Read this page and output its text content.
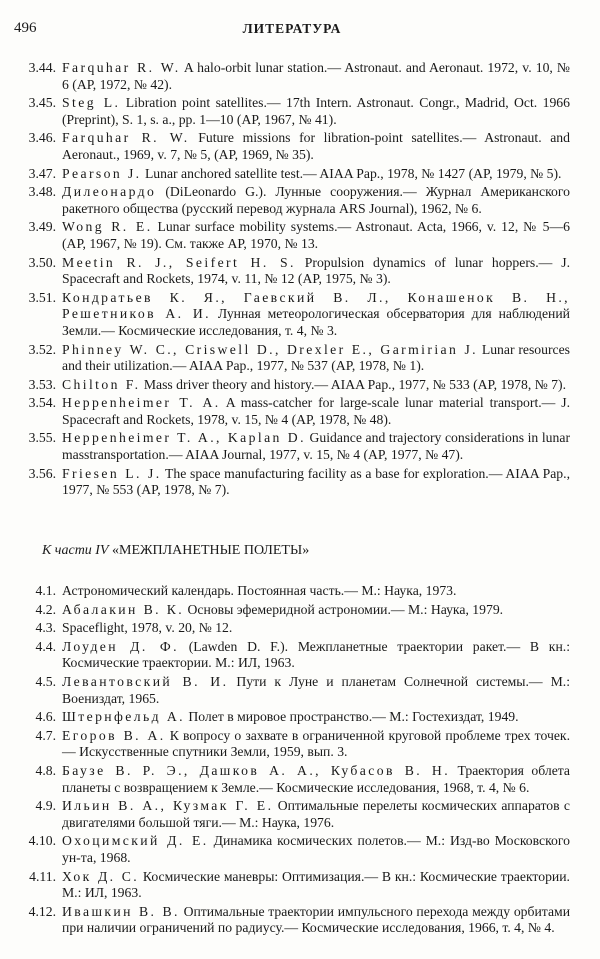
496	ЛИТЕРАТУРА
3.44. Farquhar R. W. A halo-orbit lunar station.— Astronaut. and Aeronaut. 1972, v. 10, № 6 (AP, 1972, № 42).
3.45. Steg L. Libration point satellites.— 17th Intern. Astronaut. Congr., Madrid, Oct. 1966 (Preprint), S. 1, s. a., pp. 1—10 (AP, 1967, № 41).
3.46. Farquhar R. W. Future missions for libration-point satellites.— Astronaut. and Aeronaut., 1969, v. 7, № 5, (AP, 1969, № 35).
3.47. Pearson J. Lunar anchored satellite test.— AIAA Pap., 1978, № 1427 (AP, 1979, № 5).
3.48. Дилеонардо (DiLeonardo G.). Лунные сооружения.— Журнал Американского ракетного общества (русский перевод журнала ARS Journal), 1962, № 6.
3.49. Wong R. E. Lunar surface mobility systems.— Astronaut. Acta, 1966, v. 12, № 5—6 (AP, 1967, № 19). См. также AP, 1970, № 13.
3.50. Meetin R. J., Seifert H. S. Propulsion dynamics of lunar hoppers.— J. Spacecraft and Rockets, 1974, v. 11, № 12 (AP, 1975, № 3).
3.51. Кондратьев К. Я., Гаевский В. Л., Конашенок В. Н., Решетников А. И. Лунная метеорологическая обсерватория для наблюдений Земли.— Космические исследования, т. 4, № 3.
3.52. Phinney W. C., Criswell D., Drexler E., Garmirian J. Lunar resources and their utilization.— AIAA Pap., 1977, № 537 (AP, 1978, № 1).
3.53. Chilton F. Mass driver theory and history.— AIAA Pap., 1977, № 533 (AP, 1978, № 7).
3.54. Heppenheimer T. A. A mass-catcher for large-scale lunar material transport.— J. Spacecraft and Rockets, 1978, v. 15, № 4 (AP, 1978, № 48).
3.55. Heppenheimer T. A., Kaplan D. Guidance and trajectory considerations in lunar masstransportation.— AIAA Journal, 1977, v. 15, № 4 (AP, 1977, № 47).
3.56. Friesen L. J. The space manufacturing facility as a base for exploration.— AIAA Pap., 1977, № 553 (AP, 1978, № 7).
К части IV «МЕЖПЛАНЕТНЫЕ ПОЛЕТЫ»
4.1. Астрономический календарь. Постоянная часть.— М.: Наука, 1973.
4.2. Абалакин В. К. Основы эфемеридной астрономии.— М.: Наука, 1979.
4.3. Spaceflight, 1978, v. 20, № 12.
4.4. Лоуден Д. Ф. (Lawden D. F.). Межпланетные траектории ракет.— В кн.: Космические траектории. М.: ИЛ, 1963.
4.5. Левантовский В. И. Пути к Луне и планетам Солнечной системы.— М.: Воениздат, 1965.
4.6. Штернфельд А. Полет в мировое пространство.— М.: Гостехиздат, 1949.
4.7. Егоров В. А. К вопросу о захвате в ограниченной круговой проблеме трех точек.— Искусственные спутники Земли, 1959, вып. 3.
4.8. Баузе В. Р. Э., Дашков А. А., Кубасов В. Н. Траектория облета планеты с возвращением к Земле.— Космические исследования, 1968, т. 4, № 6.
4.9. Ильин В. А., Кузмак Г. Е. Оптимальные перелеты космических аппаратов с двигателями большой тяги.— М.: Наука, 1976.
4.10. Охоцимский Д. Е. Динамика космических полетов.— М.: Изд-во Московского ун-та, 1968.
4.11. Хок Д. С. Космические маневры: Оптимизация.— В кн.: Космические траектории. М.: ИЛ, 1963.
4.12. Ивашкин В. В. Оптимальные траектории импульсного перехода между орбитами при наличии ограничений по радиусу.— Космические исследования, 1966, т. 4, № 4.
